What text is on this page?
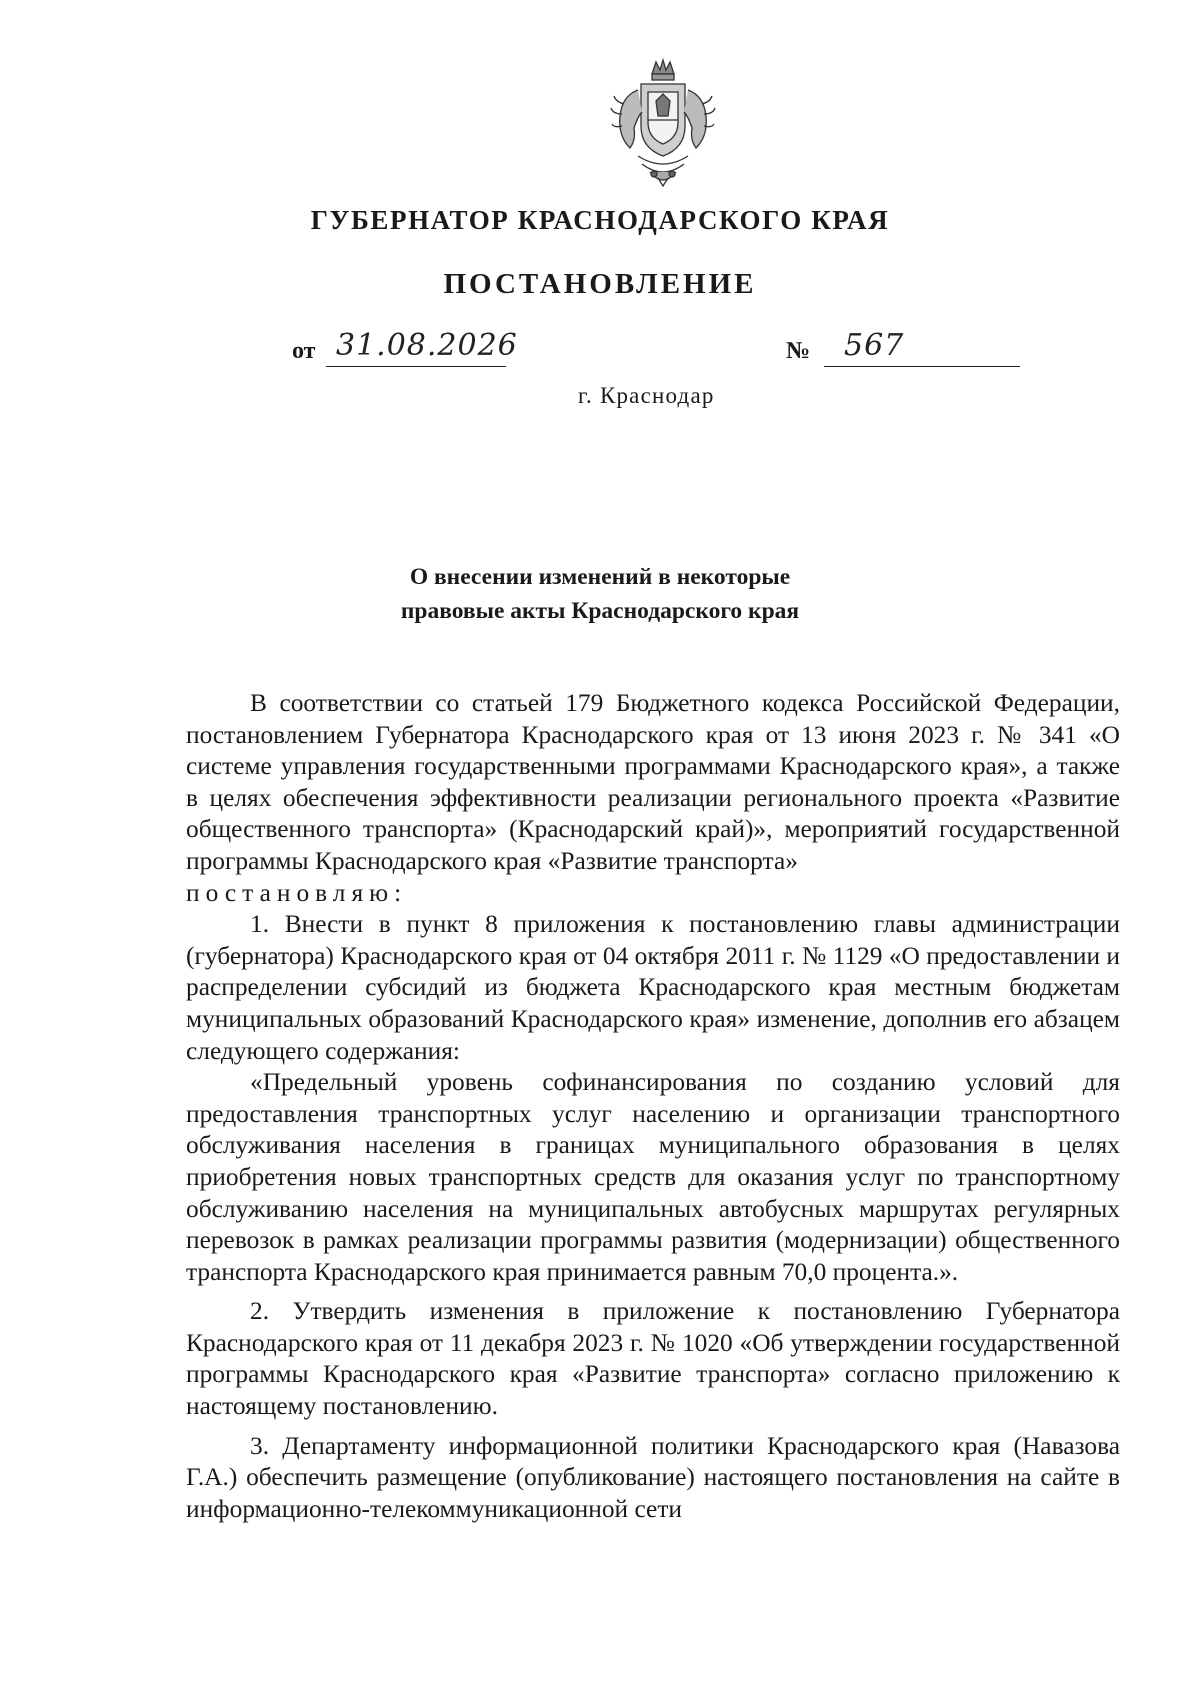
ГУБЕРНАТОР КРАСНОДАРСКОГО КРАЯ
ПОСТАНОВЛЕНИЕ
от 31.08.2026	№ 567
г. Краснодар
О внесении изменений в некоторые
правовые акты Краснодарского края

В соответствии со статьей 179 Бюджетного кодекса Российской Федерации, постановлением Губернатора Краснодарского края от 13 июня 2023 г. № 341 «О системе управления государственными программами Краснодарского края», а также в целях обеспечения эффективности реализации регионального проекта «Развитие общественного транспорта» (Краснодарский край)», мероприятий государственной программы Краснодарского края «Развитие транспорта»

постановляю:

1. Внести в пункт 8 приложения к постановлению главы администрации (губернатора) Краснодарского края от 04 октября 2011 г. № 1129 «О предоставлении и распределении субсидий из бюджета Краснодарского края местным бюджетам муниципальных образований Краснодарского края» изменение, дополнив его абзацем следующего содержания:

«Предельный уровень софинансирования по созданию условий для предоставления транспортных услуг населению и организации транспортного обслуживания населения в границах муниципального образования в целях приобретения новых транспортных средств для оказания услуг по транспортному обслуживанию населения на муниципальных автобусных маршрутах регулярных перевозок в рамках реализации программы развития (модернизации) общественного транспорта Краснодарского края принимается равным 70,0 процента.».

2. Утвердить изменения в приложение к постановлению Губернатора Краснодарского края от 11 декабря 2023 г. № 1020 «Об утверждении государственной программы Краснодарского края «Развитие транспорта» согласно приложению к настоящему постановлению.

3. Департаменту информационной политики Краснодарского края (Навазова Г.А.) обеспечить размещение (опубликование) настоящего постановления на сайте в информационно-телекоммуникационной сети
